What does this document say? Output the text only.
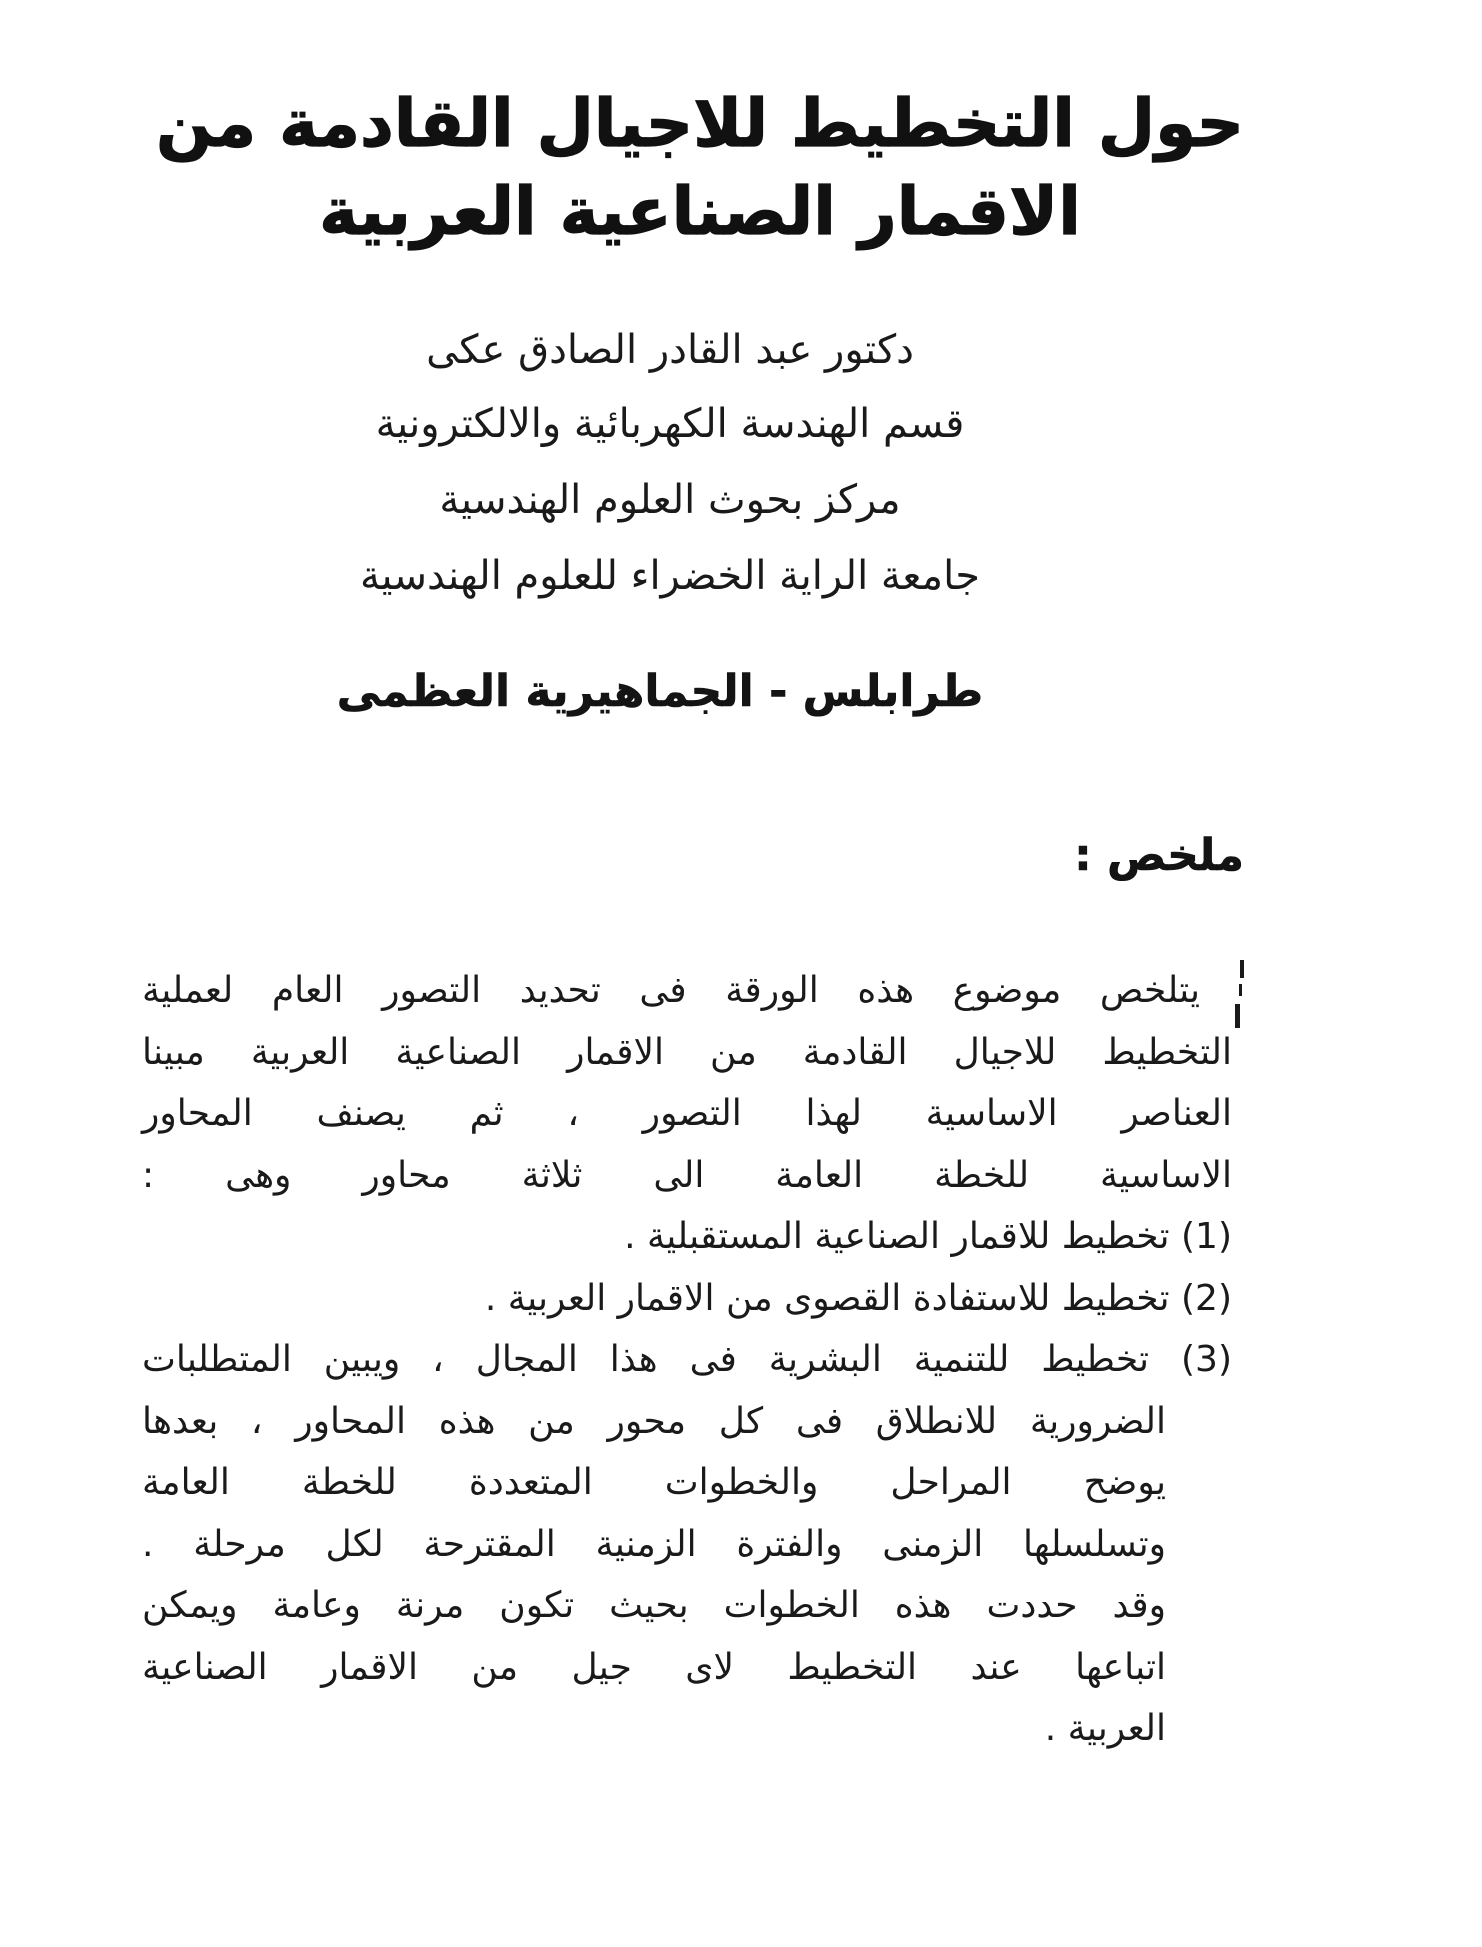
حول التخطيط للاجيال القادمة من
الاقمار الصناعية العربية
دكتور عبد القادر الصادق عكى
قسم الهندسة الكهربائية والالكترونية
مركز بحوث العلوم الهندسية
جامعة الراية الخضراء للعلوم الهندسية
طرابلس - الجماهيرية العظمى
ملخص :
يتلخص موضوع هذه الورقة فى تحديد التصور العام لعملية
التخطيط للاجيال القادمة من الاقمار الصناعية العربية مبينا
العناصر الاساسية لهذا التصور ، ثم يصنف المحاور
الاساسية للخطة العامة الى ثلاثة محاور وهى :
(1) تخطيط للاقمار الصناعية المستقبلية .
(2) تخطيط للاستفادة القصوى من الاقمار العربية .
(3) تخطيط للتنمية البشرية فى هذا المجال ، ويبين المتطلبات
الضرورية للانطلاق فى كل محور من هذه المحاور ، بعدها
يوضح المراحل والخطوات المتعددة للخطة العامة
وتسلسلها الزمنى والفترة الزمنية المقترحة لكل مرحلة .
وقد حددت هذه الخطوات بحيث تكون مرنة وعامة ويمكن
اتباعها عند التخطيط لاى جيل من الاقمار الصناعية
العربية .
